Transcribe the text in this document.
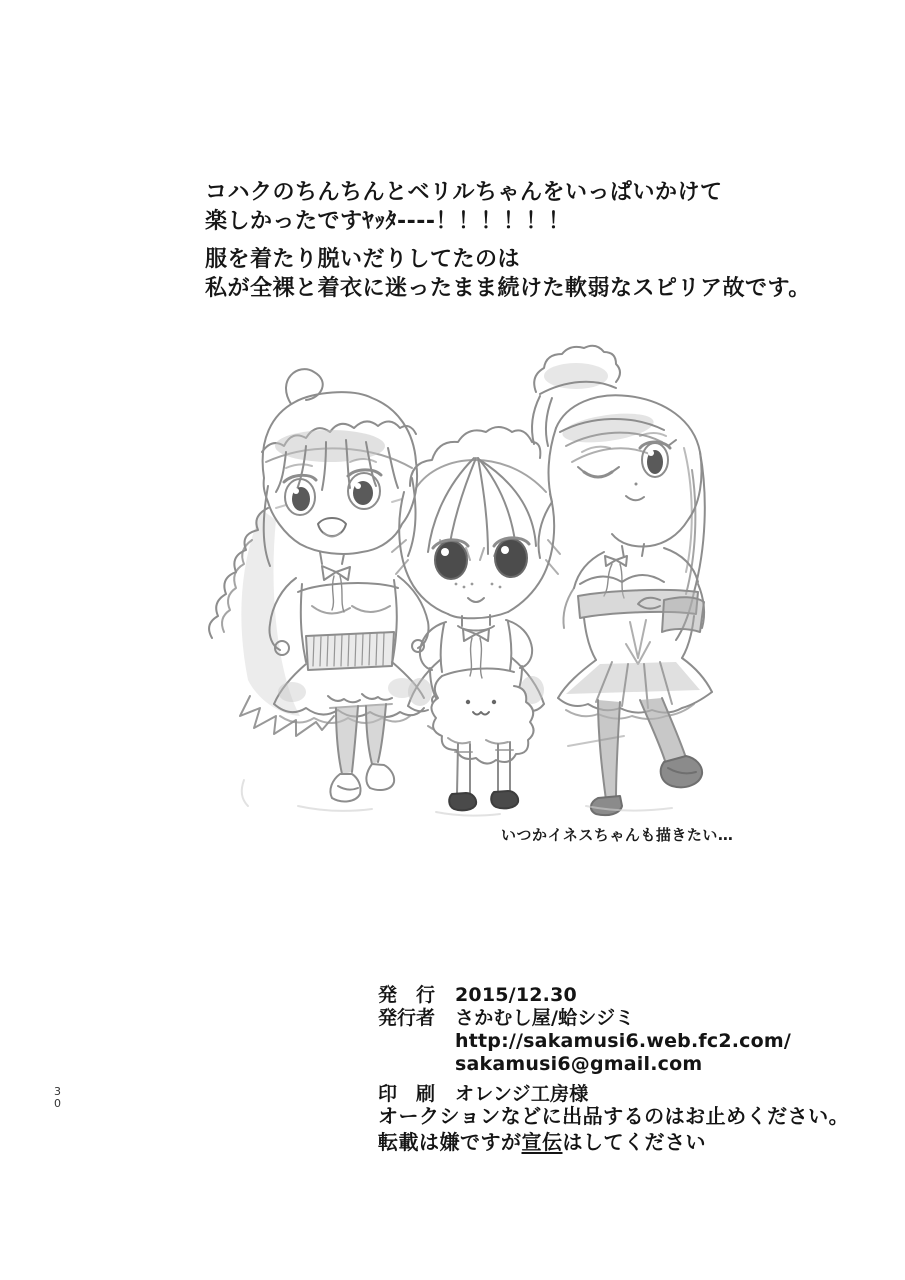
コハクのちんちんとベリルちゃんをいっぱいかけて
楽しかったですﾔｯﾀ----！！！！！！
服を着たり脱いだりしてたのは
私が全裸と着衣に迷ったまま続けた軟弱なスピリア故です。
いつかイネスちゃんも描きたい…
発　行	2015/12.30
発行者	さかむし屋/蛤シジミ
http://sakamusi6.web.fc2.com/
sakamusi6@gmail.com
印　刷	オレンジ工房様
オークションなどに出品するのはお止めください。
転載は嫌ですが宣伝はしてください
30
